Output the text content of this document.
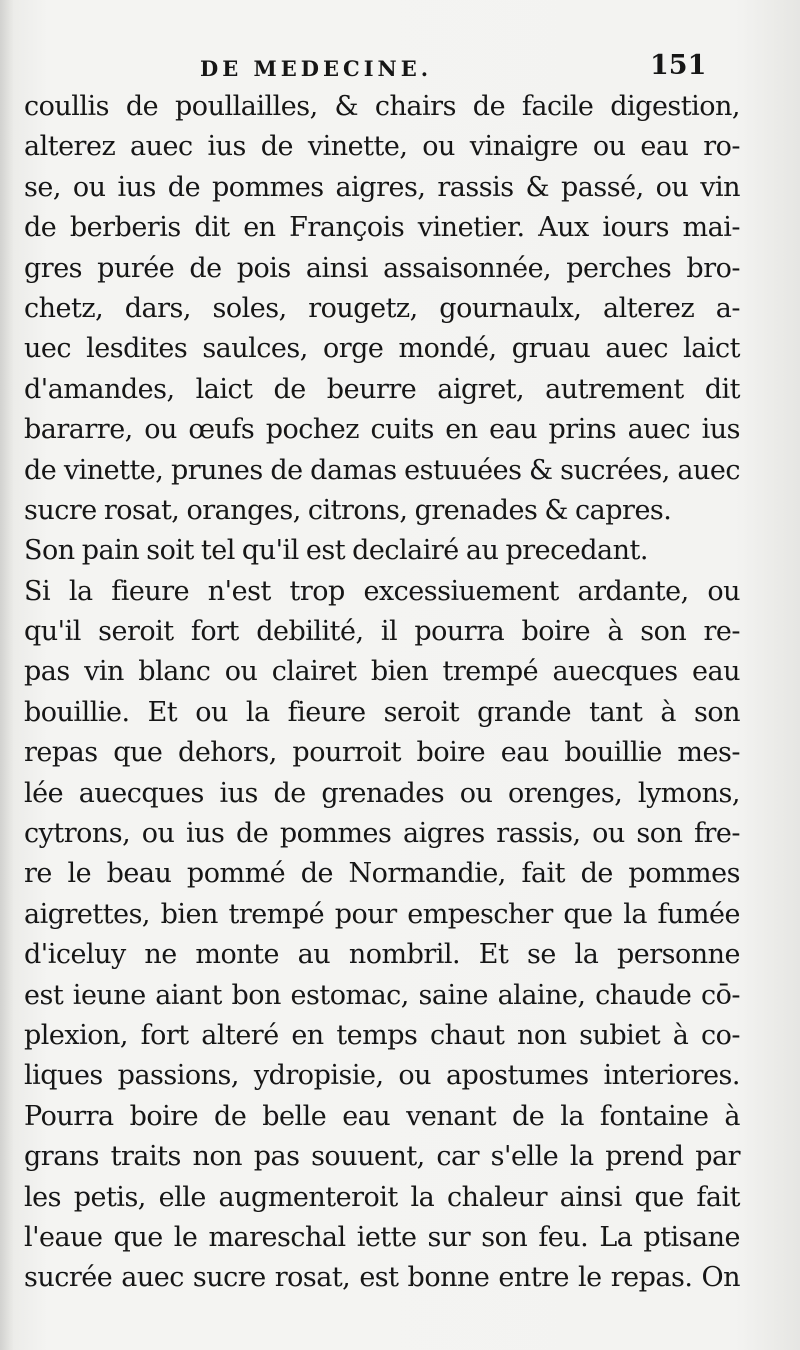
DE MEDECINE.	151
coullis de poullailles, & chairs de facile digestion,
alterez auec ius de vinette, ou vinaigre ou eau ro-
se, ou ius de pommes aigres, rassis & passé, ou vin
de berberis dit en François vinetier. Aux iours mai-
gres purée de pois ainsi assaisonnée, perches bro-
chetz, dars, soles, rougetz, gournaulx, alterez a-
uec lesdites saulces, orge mondé, gruau auec laict
d'amandes, laict de beurre aigret, autrement dit
bararre, ou œufs pochez cuits en eau prins auec ius
de vinette, prunes de damas estuuées & sucrées, auec
sucre rosat, oranges, citrons, grenades & capres.
Son pain soit tel qu'il est declairé au precedant.
Si la fieure n'est trop excessiuement ardante, ou
qu'il seroit fort debilité, il pourra boire à son re-
pas vin blanc ou clairet bien trempé auecques eau
bouillie. Et ou la fieure seroit grande tant à son
repas que dehors, pourroit boire eau bouillie mes-
lée auecques ius de grenades ou orenges, lymons,
cytrons, ou ius de pommes aigres rassis, ou son fre-
re le beau pommé de Normandie, fait de pommes
aigrettes, bien trempé pour empescher que la fumée
d'iceluy ne monte au nombril. Et se la personne
est ieune aiant bon estomac, saine alaine, chaude cō-
plexion, fort alteré en temps chaut non subiet à co-
liques passions, ydropisie, ou apostumes interiores.
Pourra boire de belle eau venant de la fontaine à
grans traits non pas souuent, car s'elle la prend par
les petis, elle augmenteroit la chaleur ainsi que fait
l'eaue que le mareschal iette sur son feu. La ptisane
sucrée auec sucre rosat, est bonne entre le repas. On
